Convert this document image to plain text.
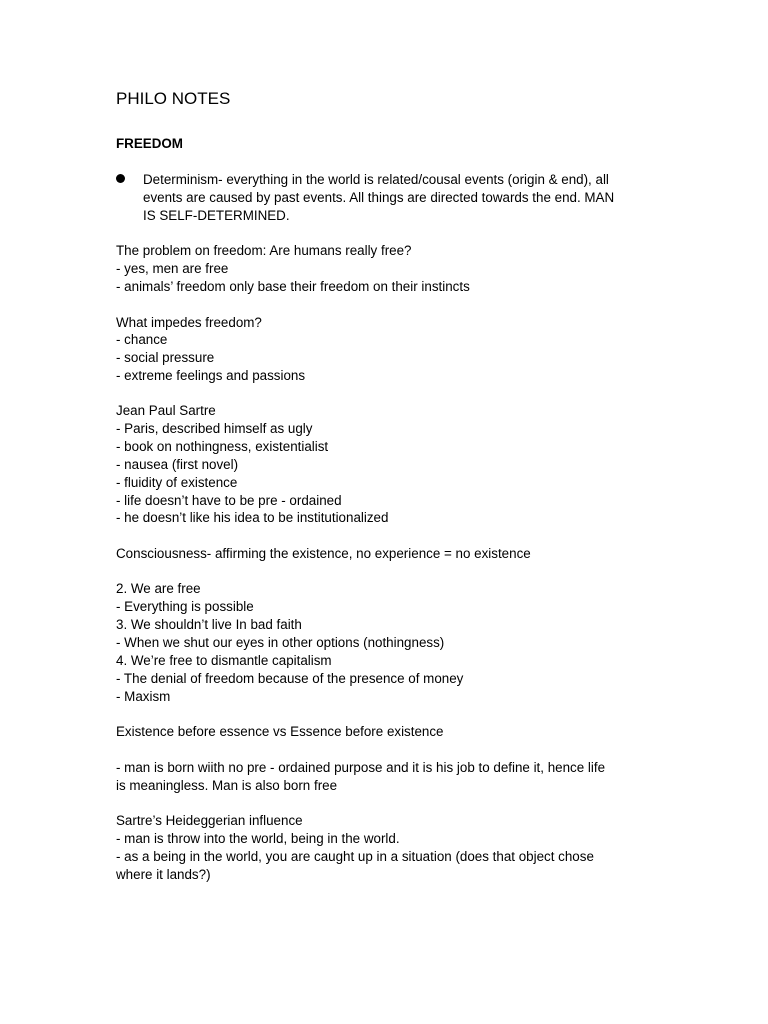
PHILO NOTES
FREEDOM

Determinism- everything in the world is related/cousal events (origin & end), all

events are caused by past events. All things are directed towards the end. MAN

IS SELF-DETERMINED.

The problem on freedom: Are humans really free?

- yes, men are free

- animals’ freedom only base their freedom on their instincts

What impedes freedom?

- chance

- social pressure

- extreme feelings and passions

Jean Paul Sartre

- Paris, described himself as ugly

- book on nothingness, existentialist

- nausea (first novel)

- fluidity of existence

- life doesn’t have to be pre - ordained

- he doesn’t like his idea to be institutionalized

Consciousness- affirming the existence, no experience = no existence

2. We are free

- Everything is possible

3. We shouldn’t live In bad faith

- When we shut our eyes in other options (nothingness)

4. We’re free to dismantle capitalism

- The denial of freedom because of the presence of money

- Maxism

Existence before essence vs Essence before existence

- man is born wiith no pre - ordained purpose and it is his job to define it, hence life

is meaningless. Man is also born free

Sartre’s Heideggerian influence

- man is throw into the world, being in the world.

- as a being in the world, you are caught up in a situation (does that object chose

where it lands?)
